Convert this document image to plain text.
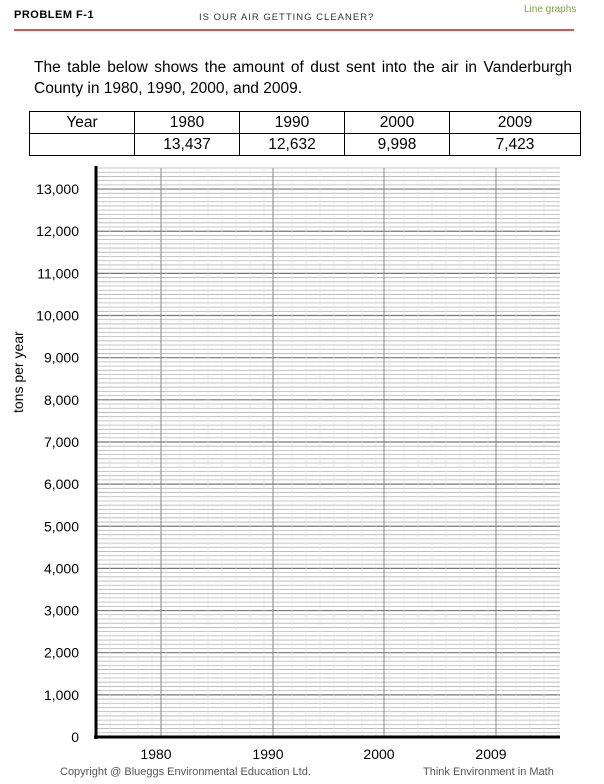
PROBLEM F-1	IS OUR AIR GETTING CLEANER?
Line graphs
The table below shows the amount of dust sent into the air in Vanderburgh County in 1980, 1990, 2000, and 2009.
Year	1980	1990	2000	2009
	13,437	12,632	9,998	7,423
tons per year
0
1,000
2,000
3,000
4,000
5,000
6,000
7,000
8,000
9,000
10,000
11,000
12,000
13,000
1980	1990	2000	2009
Copyright @ Blueggs Environmental Education Ltd.	Think Environment in Math
